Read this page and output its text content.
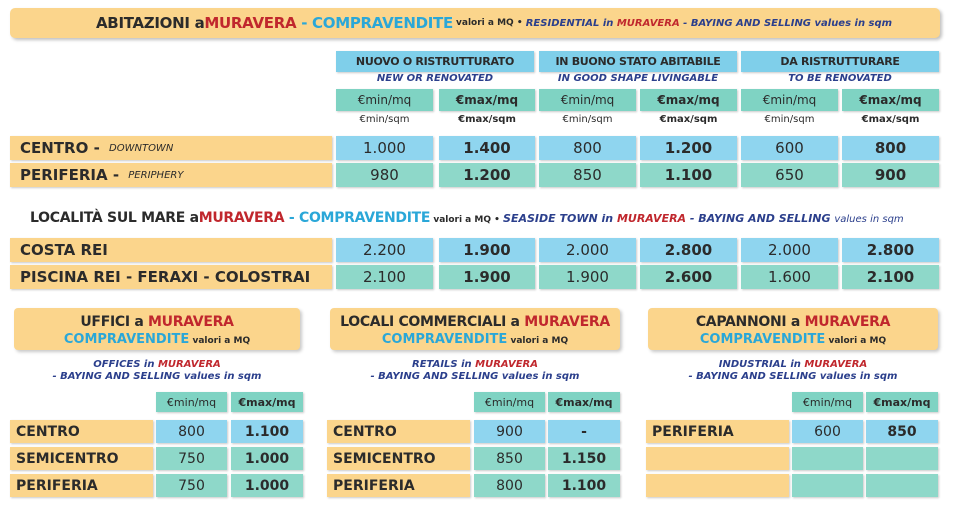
ABITAZIONI a MURAVERA - COMPRAVENDITE valori a MQ • RESIDENTIAL in MURAVERA - BAYING AND SELLING values in sqm
NUOVO O RISTRUTTURATO
NEW OR RENOVATED
IN BUONO STATO ABITABILE
IN GOOD SHAPE LIVINGABLE
DA RISTRUTTURARE
TO BE RENOVATED
€min/mq
€min/sqm
€max/mq
€max/sqm
€min/mq
€min/sqm
€max/mq
€max/sqm
€min/mq
€min/sqm
€max/mq
€max/sqm
CENTRO - DOWNTOWN	1.000	1.400	800	1.200	600	800
PERIFERIA - PERIPHERY	980	1.200	850	1.100	650	900
LOCALITÀ SUL MARE a MURAVERA - COMPRAVENDITE valori a MQ • SEASIDE TOWN in MURAVERA - BAYING AND SELLING values in sqm
COSTA REI	2.200	1.900	2.000	2.800	2.000	2.800
PISCINA REI - FERAXI - COLOSTRAI	2.100	1.900	1.900	2.600	1.600	2.100
UFFICI a MURAVERA
COMPRAVENDITE valori a MQ
OFFICES in MURAVERA
- BAYING AND SELLING values in sqm
€min/mq	€max/mq
CENTRO	800	1.100
SEMICENTRO	750	1.000
PERIFERIA	750	1.000
LOCALI COMMERCIALI a MURAVERA
COMPRAVENDITE valori a MQ
RETAILS in MURAVERA
- BAYING AND SELLING values in sqm
€min/mq	€max/mq
CENTRO	900	-
SEMICENTRO	850	1.150
PERIFERIA	800	1.100
CAPANNONI a MURAVERA
COMPRAVENDITE valori a MQ
INDUSTRIAL in MURAVERA
- BAYING AND SELLING values in sqm
€min/mq	€max/mq
PERIFERIA	600	850
